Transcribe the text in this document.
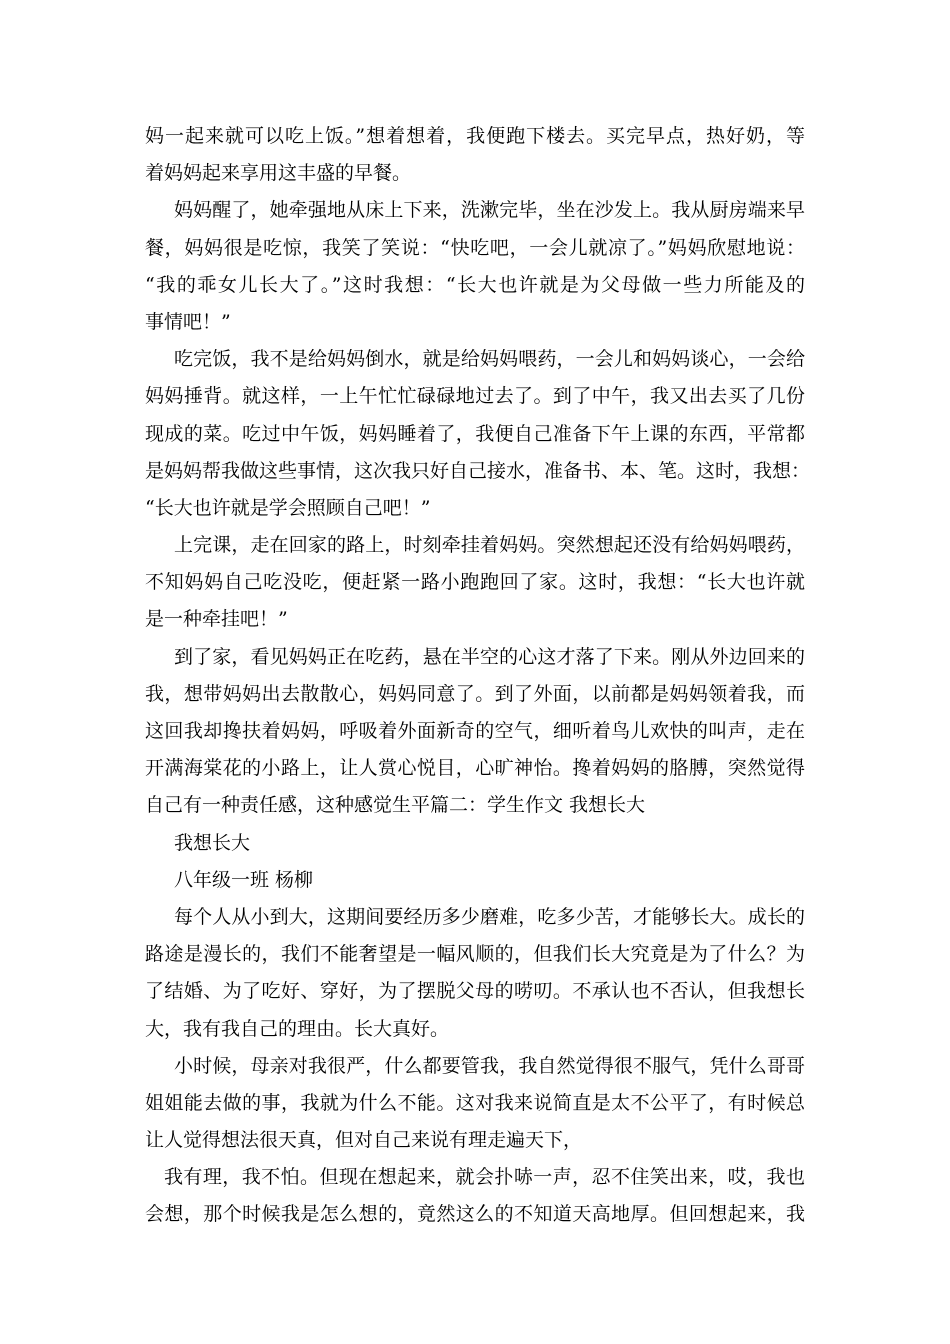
妈一起来就可以吃上饭。”想着想着，我便跑下楼去。买完早点，热好奶，等
着妈妈起来享用这丰盛的早餐。
妈妈醒了，她牵强地从床上下来，洗漱完毕，坐在沙发上。我从厨房端来早
餐，妈妈很是吃惊，我笑了笑说：“快吃吧，一会儿就凉了。”妈妈欣慰地说：
“我的乖女儿长大了。”这时我想：“长大也许就是为父母做一些力所能及的
事情吧！”
吃完饭，我不是给妈妈倒水，就是给妈妈喂药，一会儿和妈妈谈心，一会给
妈妈捶背。就这样，一上午忙忙碌碌地过去了。到了中午，我又出去买了几份
现成的菜。吃过中午饭，妈妈睡着了，我便自己准备下午上课的东西，平常都
是妈妈帮我做这些事情，这次我只好自己接水，准备书、本、笔。这时，我想：
“长大也许就是学会照顾自己吧！”
上完课，走在回家的路上，时刻牵挂着妈妈。突然想起还没有给妈妈喂药，
不知妈妈自己吃没吃，便赶紧一路小跑跑回了家。这时，我想：“长大也许就
是一种牵挂吧！”
到了家，看见妈妈正在吃药，悬在半空的心这才落了下来。刚从外边回来的
我，想带妈妈出去散散心，妈妈同意了。到了外面，以前都是妈妈领着我，而
这回我却搀扶着妈妈，呼吸着外面新奇的空气，细听着鸟儿欢快的叫声，走在
开满海棠花的小路上，让人赏心悦目，心旷神怡。搀着妈妈的胳膊，突然觉得
自己有一种责任感，这种感觉生平篇二：学生作文 我想长大
我想长大
八年级一班 杨柳
每个人从小到大，这期间要经历多少磨难，吃多少苦，才能够长大。成长的
路途是漫长的，我们不能奢望是一幅风顺的，但我们长大究竟是为了什么？为
了结婚、为了吃好、穿好，为了摆脱父母的唠叨。不承认也不否认，但我想长
大，我有我自己的理由。长大真好。
小时候，母亲对我很严，什么都要管我，我自然觉得很不服气，凭什么哥哥
姐姐能去做的事，我就为什么不能。这对我来说简直是太不公平了，有时候总
让人觉得想法很天真，但对自己来说有理走遍天下，
我有理，我不怕。但现在想起来，就会扑哧一声，忍不住笑出来，哎，我也
会想，那个时候我是怎么想的，竟然这么的不知道天高地厚。但回想起来，我
